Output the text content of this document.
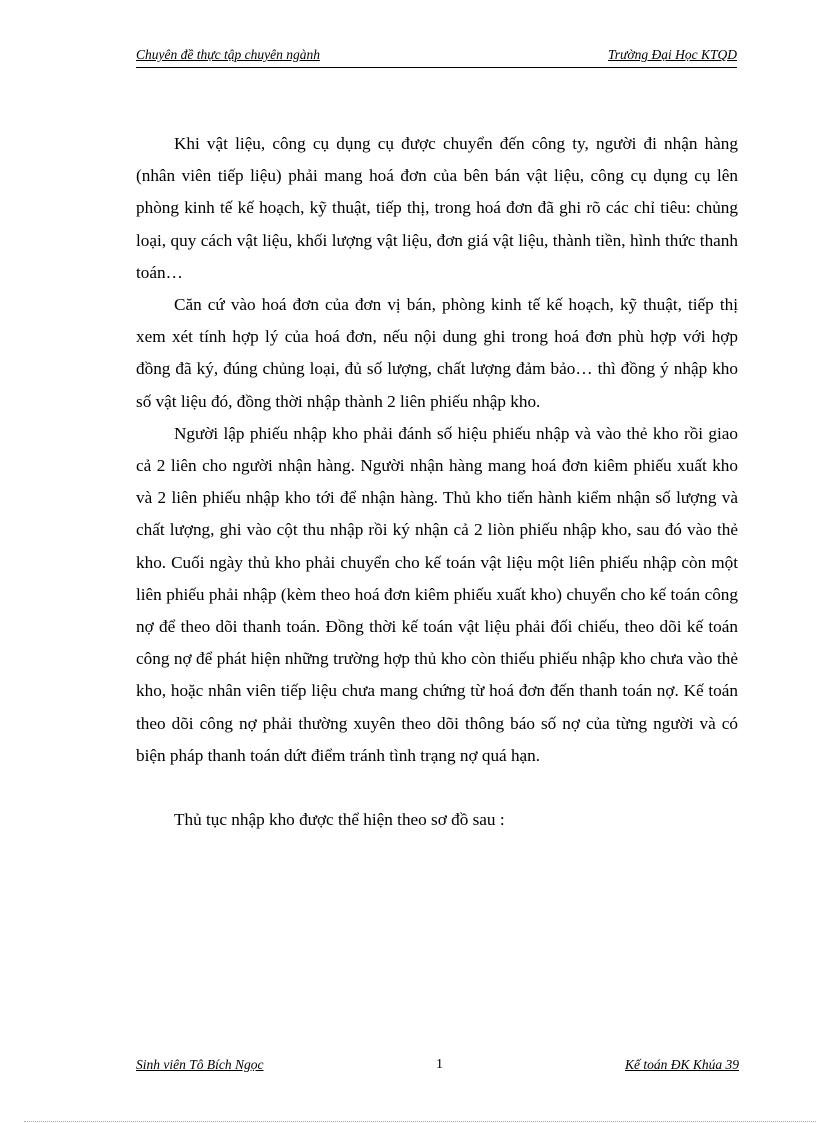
Chuyên đề thực tập chuyên ngành	Trường Đại Học KTQD

Khi vật liệu, công cụ dụng cụ được chuyển đến công ty, người đi nhận hàng (nhân viên tiếp liệu) phải mang hoá đơn của bên bán vật liệu, công cụ dụng cụ lên phòng kinh tế kế hoạch, kỹ thuật, tiếp thị, trong hoá đơn đã ghi rõ các chỉ tiêu: chủng loại, quy cách vật liệu, khối lượng vật liệu, đơn giá vật liệu, thành tiền, hình thức thanh toán…

Căn cứ vào hoá đơn của đơn vị bán, phòng kinh tế kế hoạch, kỹ thuật, tiếp thị xem xét tính hợp lý của hoá đơn, nếu nội dung ghi trong hoá đơn phù hợp với hợp đồng đã ký, đúng chủng loại, đủ số lượng, chất lượng đảm bảo… thì đồng ý nhập kho số vật liệu đó, đồng thời nhập thành 2 liên phiếu nhập kho.

Người lập phiếu nhập kho phải đánh số hiệu phiếu nhập và vào thẻ kho rồi giao cả 2 liên cho người nhận hàng. Người nhận hàng mang hoá đơn kiêm phiếu xuất kho và 2 liên phiếu nhập kho tới để nhận hàng. Thủ kho tiến hành kiểm nhận số lượng và chất lượng, ghi vào cột thu nhập rồi ký nhận cả 2 liòn phiếu nhập kho, sau đó vào thẻ kho. Cuối ngày thủ kho phải chuyển cho kế toán vật liệu một liên phiếu nhập còn một liên phiếu phải nhập (kèm theo hoá đơn kiêm phiếu xuất kho) chuyển cho kế toán công nợ để theo dõi thanh toán. Đồng thời kế toán vật liệu phải đối chiếu, theo dõi kế toán công nợ để phát hiện những trường hợp thủ kho còn thiếu phiếu nhập kho chưa vào thẻ kho, hoặc nhân viên tiếp liệu chưa mang chứng từ hoá đơn đến thanh toán nợ. Kế toán theo dõi công nợ phải thường xuyên theo dõi thông báo số nợ của từng người và có biện pháp thanh toán dứt điểm tránh tình trạng nợ quá hạn.

Thủ tục nhập kho được thể hiện theo sơ đồ sau :

Sinh viên Tô Bích Ngọc	1	Kế toán ĐK Khúa 39
